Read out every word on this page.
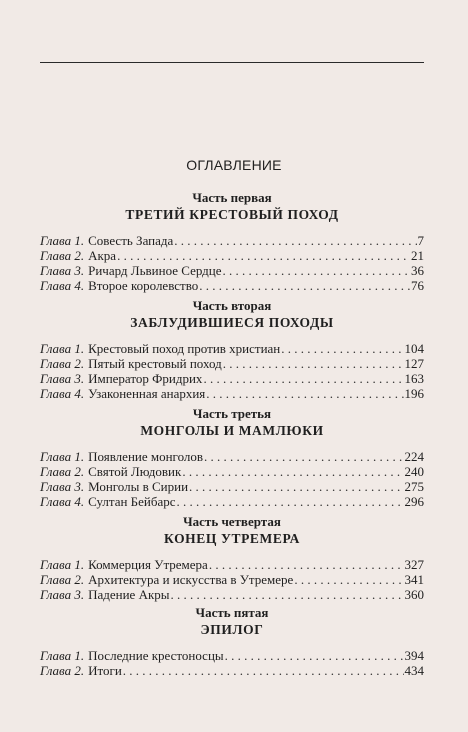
ОГЛАВЛЕНИЕ
Часть первая
ТРЕТИЙ КРЕСТОВЫЙ ПОХОД
Глава 1. Совесть Запада . . .	7
Глава 2. Акра . . .	21
Глава 3. Ричард Львиное Сердце . . .	36
Глава 4. Второе королевство . . .	76
Часть вторая
ЗАБЛУДИВШИЕСЯ ПОХОДЫ
Глава 1. Крестовый поход против христиан . . .	104
Глава 2. Пятый крестовый поход . . .	127
Глава 3. Император Фридрих . . .	163
Глава 4. Узаконенная анархия . . .	196
Часть третья
МОНГОЛЫ И МАМЛЮКИ
Глава 1. Появление монголов . . .	224
Глава 2. Святой Людовик . . .	240
Глава 3. Монголы в Сирии . . .	275
Глава 4. Султан Бейбарс . . .	296
Часть четвертая
КОНЕЦ УТРЕМЕРА
Глава 1. Коммерция Утремера . . .	327
Глава 2. Архитектура и искусства в Утремере . . .	341
Глава 3. Падение Акры . . .	360
Часть пятая
ЭПИЛОГ
Глава 1. Последние крестоносцы . . .	394
Глава 2. Итоги . . .	434
